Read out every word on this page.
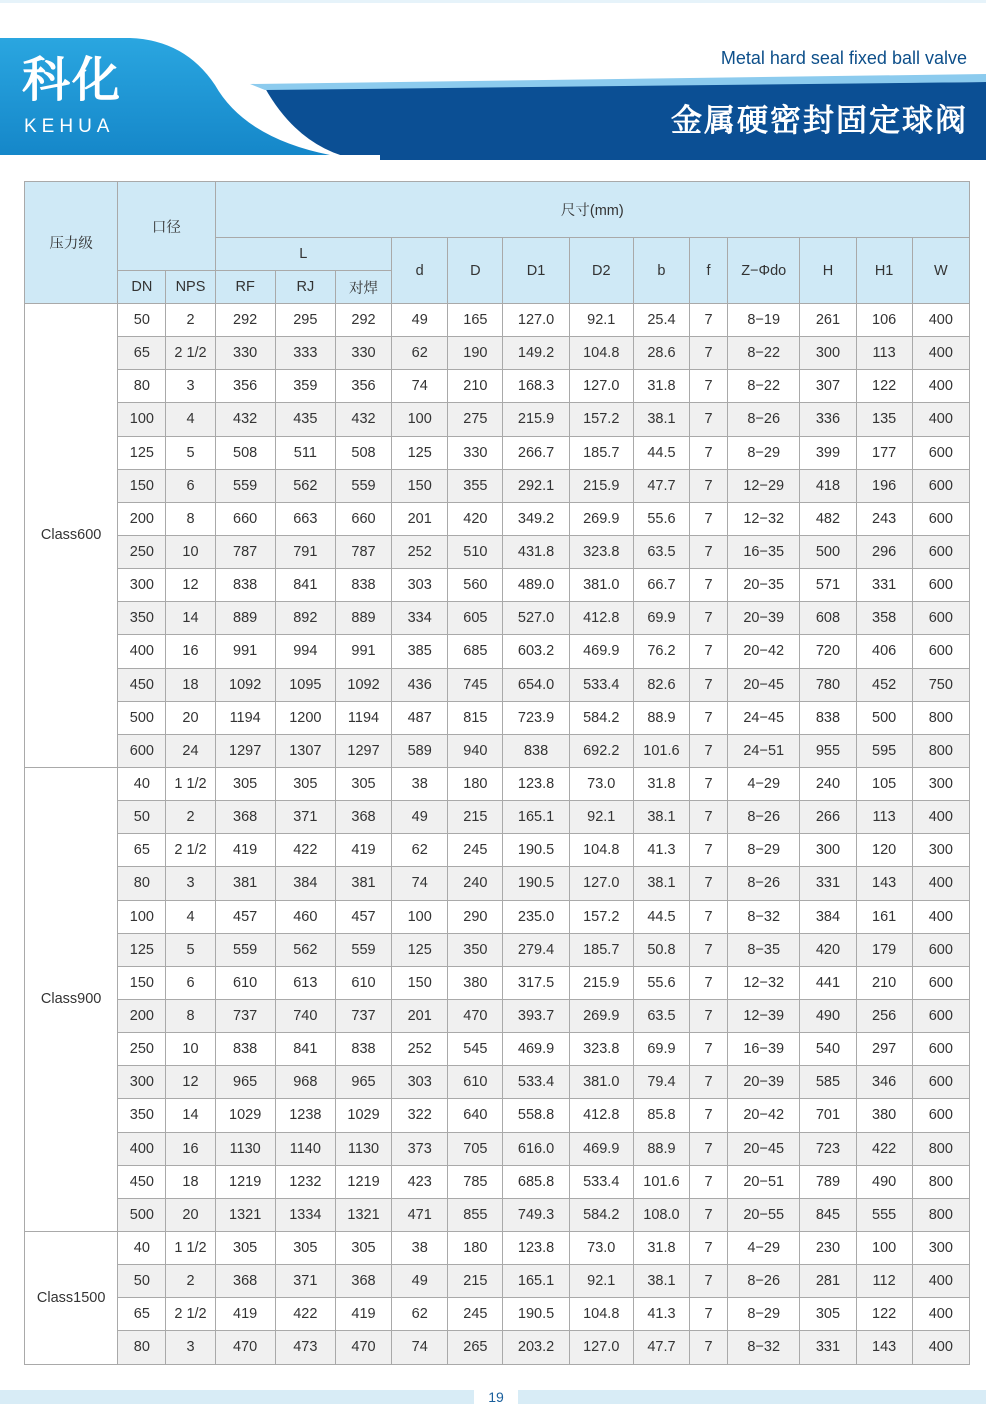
科化
KEHUA
Metal hard seal fixed ball valve
金属硬密封固定球阀
压力级	口径		尺寸(mm)												
			L			d	D	D1	D2	b	f	Z−Φdo	H	H1	W
	DN	NPS	RF	RJ	对焊										
Class600	50	2	292	295	292	49	165	127.0	92.1	25.4	7	8−19	261	106	400
	65	2 1/2	330	333	330	62	190	149.2	104.8	28.6	7	8−22	300	113	400
	80	3	356	359	356	74	210	168.3	127.0	31.8	7	8−22	307	122	400
	100	4	432	435	432	100	275	215.9	157.2	38.1	7	8−26	336	135	400
	125	5	508	511	508	125	330	266.7	185.7	44.5	7	8−29	399	177	600
	150	6	559	562	559	150	355	292.1	215.9	47.7	7	12−29	418	196	600
	200	8	660	663	660	201	420	349.2	269.9	55.6	7	12−32	482	243	600
	250	10	787	791	787	252	510	431.8	323.8	63.5	7	16−35	500	296	600
	300	12	838	841	838	303	560	489.0	381.0	66.7	7	20−35	571	331	600
	350	14	889	892	889	334	605	527.0	412.8	69.9	7	20−39	608	358	600
	400	16	991	994	991	385	685	603.2	469.9	76.2	7	20−42	720	406	600
	450	18	1092	1095	1092	436	745	654.0	533.4	82.6	7	20−45	780	452	750
	500	20	1194	1200	1194	487	815	723.9	584.2	88.9	7	24−45	838	500	800
	600	24	1297	1307	1297	589	940	838	692.2	101.6	7	24−51	955	595	800
Class900	40	1 1/2	305	305	305	38	180	123.8	73.0	31.8	7	4−29	240	105	300
	50	2	368	371	368	49	215	165.1	92.1	38.1	7	8−26	266	113	400
	65	2 1/2	419	422	419	62	245	190.5	104.8	41.3	7	8−29	300	120	300
	80	3	381	384	381	74	240	190.5	127.0	38.1	7	8−26	331	143	400
	100	4	457	460	457	100	290	235.0	157.2	44.5	7	8−32	384	161	400
	125	5	559	562	559	125	350	279.4	185.7	50.8	7	8−35	420	179	600
	150	6	610	613	610	150	380	317.5	215.9	55.6	7	12−32	441	210	600
	200	8	737	740	737	201	470	393.7	269.9	63.5	7	12−39	490	256	600
	250	10	838	841	838	252	545	469.9	323.8	69.9	7	16−39	540	297	600
	300	12	965	968	965	303	610	533.4	381.0	79.4	7	20−39	585	346	600
	350	14	1029	1238	1029	322	640	558.8	412.8	85.8	7	20−42	701	380	600
	400	16	1130	1140	1130	373	705	616.0	469.9	88.9	7	20−45	723	422	800
	450	18	1219	1232	1219	423	785	685.8	533.4	101.6	7	20−51	789	490	800
	500	20	1321	1334	1321	471	855	749.3	584.2	108.0	7	20−55	845	555	800
Class1500	40	1 1/2	305	305	305	38	180	123.8	73.0	31.8	7	4−29	230	100	300
	50	2	368	371	368	49	215	165.1	92.1	38.1	7	8−26	281	112	400
	65	2 1/2	419	422	419	62	245	190.5	104.8	41.3	7	8−29	305	122	400
	80	3	470	473	470	74	265	203.2	127.0	47.7	7	8−32	331	143	400
19
